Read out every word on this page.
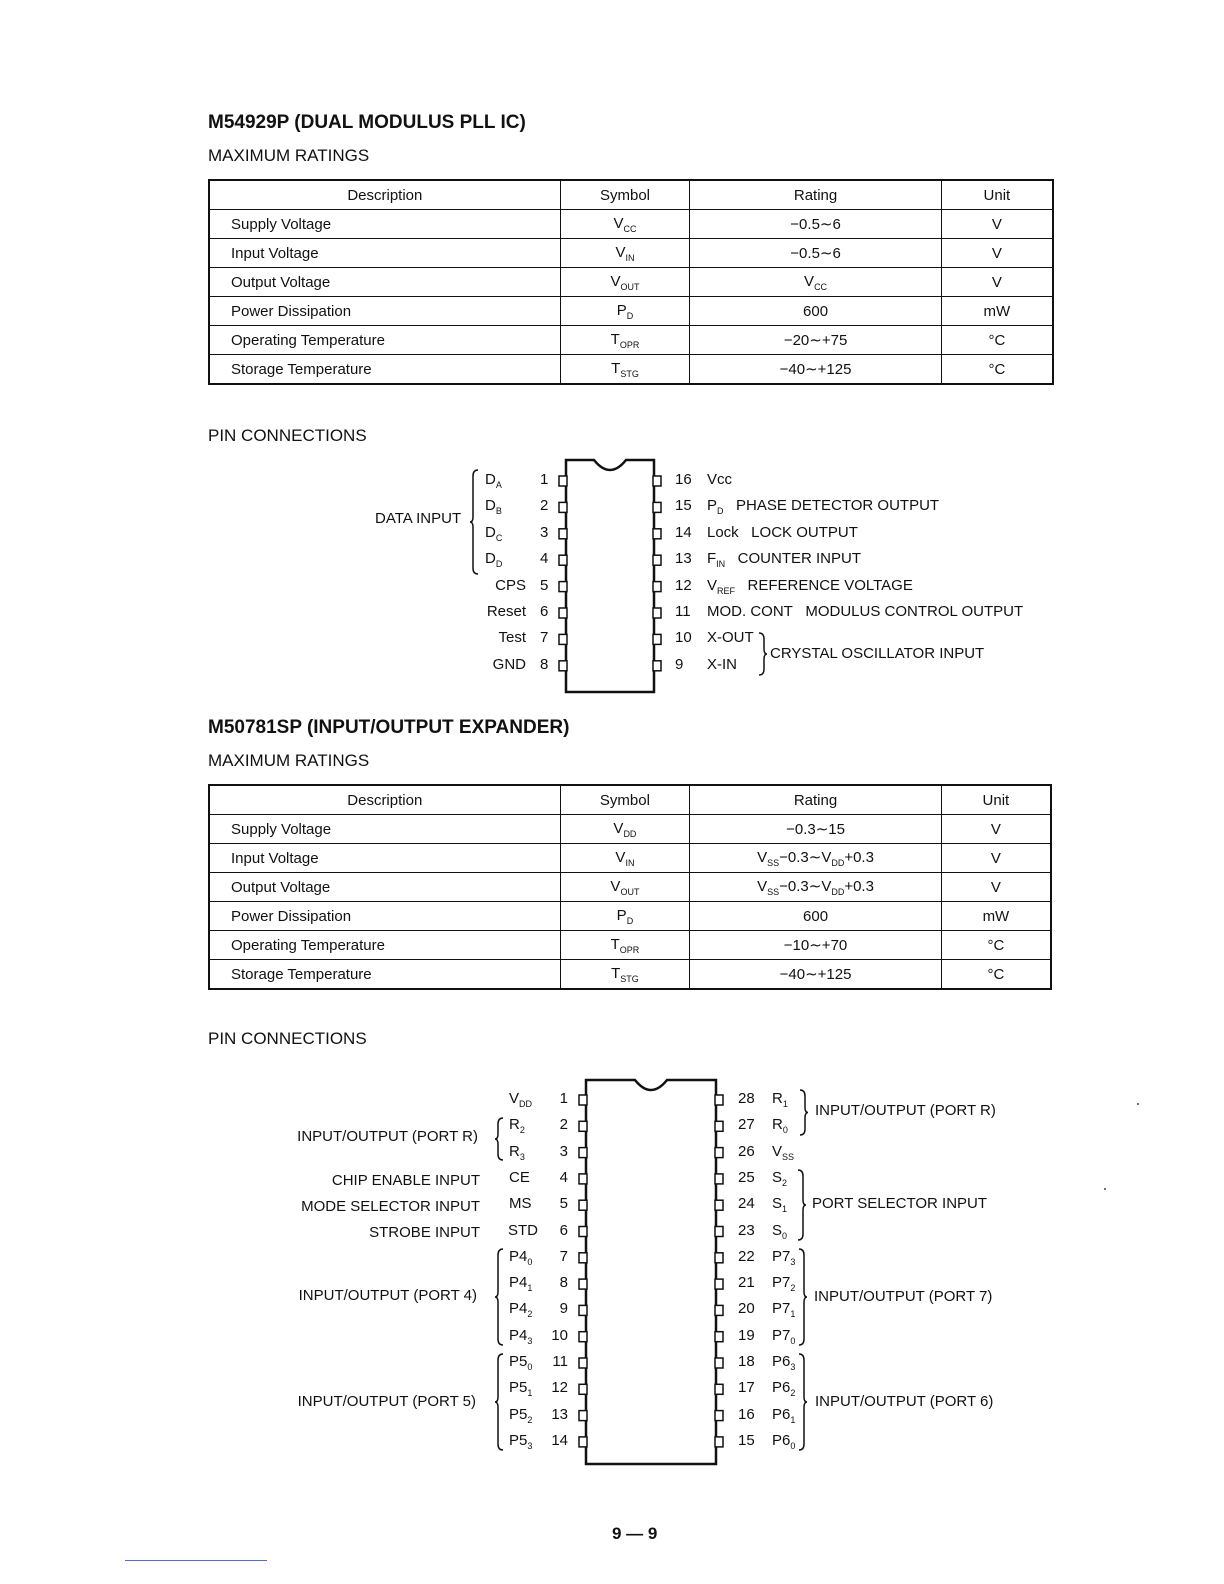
M54929P (DUAL MODULUS PLL IC)
MAXIMUM RATINGS
Description	Symbol	Rating	Unit
Supply Voltage	$V_{CC}$	−0.5∼6	V
Input Voltage	$V_{IN}$	−0.5∼6	V
Output Voltage	$V_{OUT}$	$V_{CC}$	V
Power Dissipation	$P_D$	600	mW
Operating Temperature	$T_{OPR}$	−20∼+75	°C
Storage Temperature	$T_{STG}$	−40∼+125	°C
PIN CONNECTIONS
1
$D_A$
2
$D_B$
3
$D_C$
4
$D_D$
5
CPS
6
Reset
7
Test
8
GND
16 Vcc
15 $P_D$   PHASE DETECTOR OUTPUT
14 Lock   LOCK OUTPUT
13 $F_{IN}$   COUNTER INPUT
12 $V_{REF}$   REFERENCE VOLTAGE
11 MOD. CONT   MODULUS CONTROL OUTPUT
10 X-OUT
9 X-IN
DATA INPUT
CRYSTAL OSCILLATOR INPUT
M50781SP (INPUT/OUTPUT EXPANDER)
MAXIMUM RATINGS
Description	Symbol	Rating	Unit
Supply Voltage	$V_{DD}$	−0.3∼15	V
Input Voltage	$V_{IN}$	$V_{SS}-0.3\sim V_{DD}+0.3$	V
Output Voltage	$V_{OUT}$	$V_{SS}-0.3\sim V_{DD}+0.3$	V
Power Dissipation	$P_D$	600	mW
Operating Temperature	$T_{OPR}$	−10∼+70	°C
Storage Temperature	$T_{STG}$	−40∼+125	°C
PIN CONNECTIONS
1
$V_{DD}$
2
$R_2$
3
$R_3$
4
CE
5
MS
6
STD
7
$P4_0$
8
$P4_1$
9
$P4_2$
10
$P4_3$
11
$P5_0$
12
$P5_1$
13
$P5_2$
14
$P5_3$
28 $R_1$
27 $R_0$
26 $V_{SS}$
25 $S_2$
24 $S_1$
23 $S_0$
22 $P7_3$
21 $P7_2$
20 $P7_1$
19 $P7_0$
18 $P6_3$
17 $P6_2$
16 $P6_1$
15 $P6_0$
INPUT/OUTPUT (PORT R)
CHIP ENABLE INPUT
MODE SELECTOR INPUT
STROBE INPUT
INPUT/OUTPUT (PORT 4)
INPUT/OUTPUT (PORT 5)
INPUT/OUTPUT (PORT R)
PORT SELECTOR INPUT
INPUT/OUTPUT (PORT 7)
INPUT/OUTPUT (PORT 6)
9 — 9
